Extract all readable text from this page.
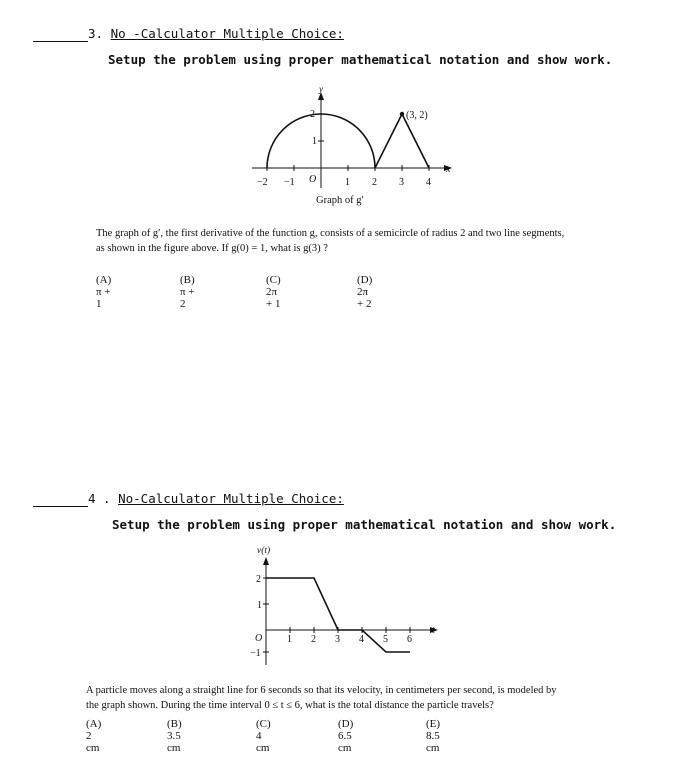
3. No -Calculator Multiple Choice:
Setup the problem using proper mathematical notation and show work.
y
x
2
1
O
−2 −1	1 2 3 4
(3, 2)
Graph of g′
The graph of g′, the first derivative of the function g, consists of a semicircle of radius 2 and two line segments,
as shown in the figure above. If g(0) = 1, what is g(3) ?
(A) π + 1
(B) π + 2
(C) 2π + 1
(D) 2π + 2
4 . No-Calculator Multiple Choice:
Setup the problem using proper mathematical notation and show work.
v(t)
t
2
1
−1
O 1 2 3 4 5 6
A particle moves along a straight line for 6 seconds so that its velocity, in centimeters per second, is modeled by
the graph shown. During the time interval 0 ≤ t ≤ 6, what is the total distance the particle travels?
(A) 2 cm
(B) 3.5 cm
(C) 4 cm
(D) 6.5 cm
(E) 8.5 cm
